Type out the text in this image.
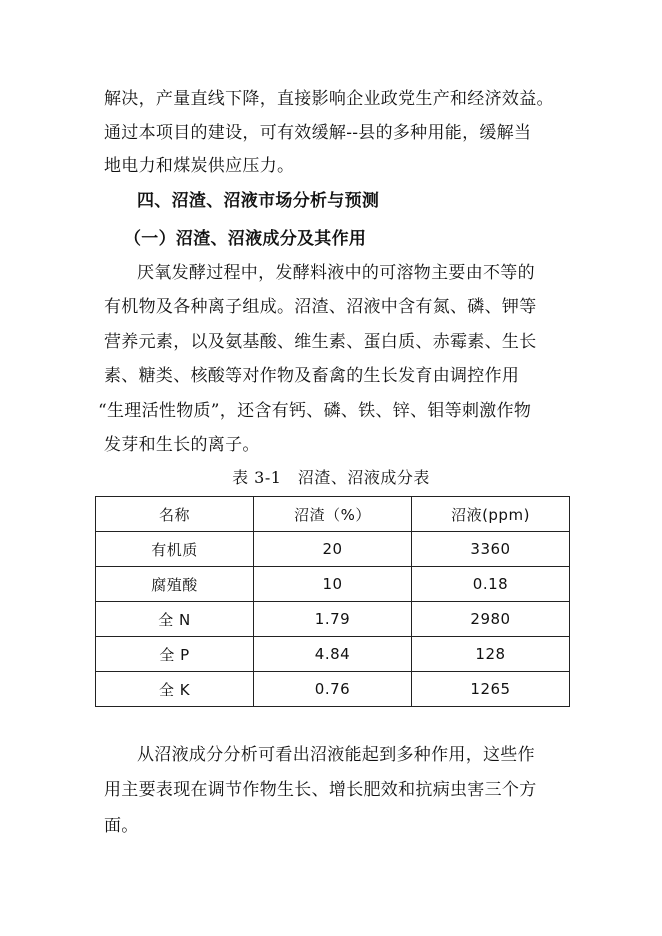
解决，产量直线下降，直接影响企业政党生产和经济效益。
通过本项目的建设，可有效缓解--县的多种用能，缓解当
地电力和煤炭供应压力。
四、沼渣、沼液市场分析与预测
（一）沼渣、沼液成分及其作用
厌氧发酵过程中，发酵料液中的可溶物主要由不等的
有机物及各种离子组成。沼渣、沼液中含有氮、磷、钾等
营养元素，以及氨基酸、维生素、蛋白质、赤霉素、生长
素、糖类、核酸等对作物及畜禽的生长发育由调控作用
“生理活性物质”，还含有钙、磷、铁、锌、钼等刺激作物
发芽和生长的离子。
表 3-1　沼渣、沼液成分表
名称	沼渣（%）	沼液(ppm)
有机质	20	3360
腐殖酸	10	0.18
全 N	1.79	2980
全 P	4.84	128
全 K	0.76	1265
从沼液成分分析可看出沼液能起到多种作用，这些作
用主要表现在调节作物生长、增长肥效和抗病虫害三个方
面。
